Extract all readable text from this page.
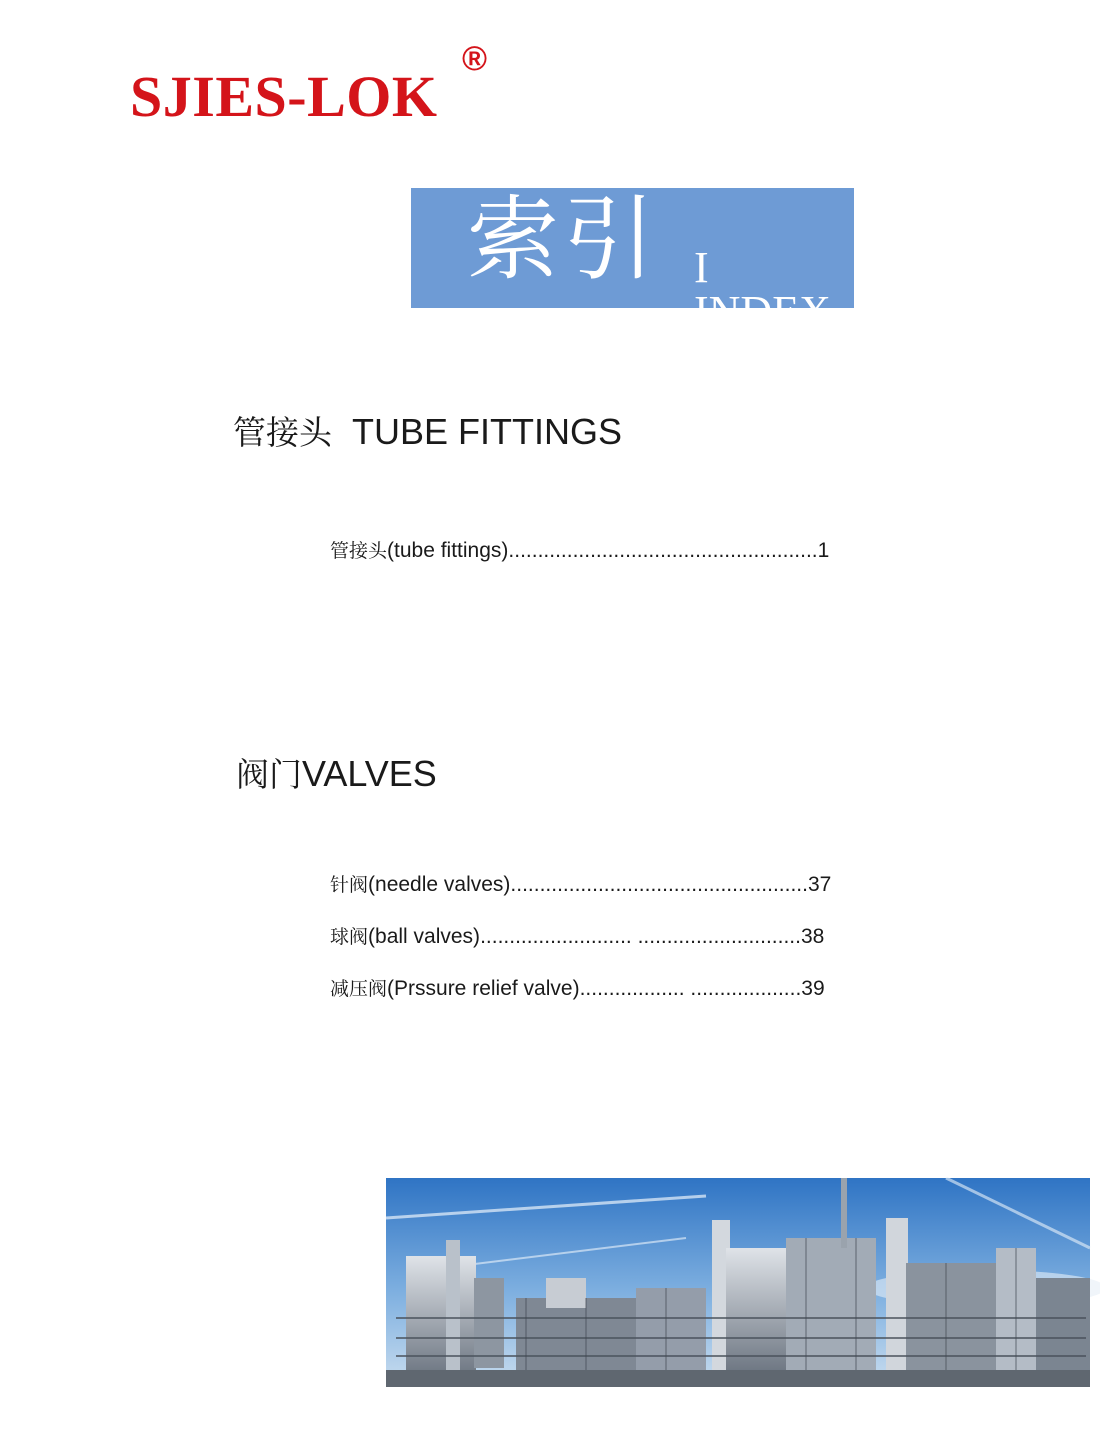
SJIES-LOK
®
索引 I INDEX
管接头 TUBE FITTINGS
管接头(tube fittings).....................................................1
阀门VALVES
针阀(needle valves)...................................................37
球阀(ball valves).......................... ............................38
减压阀(Prssure relief valve).................. ...................39
